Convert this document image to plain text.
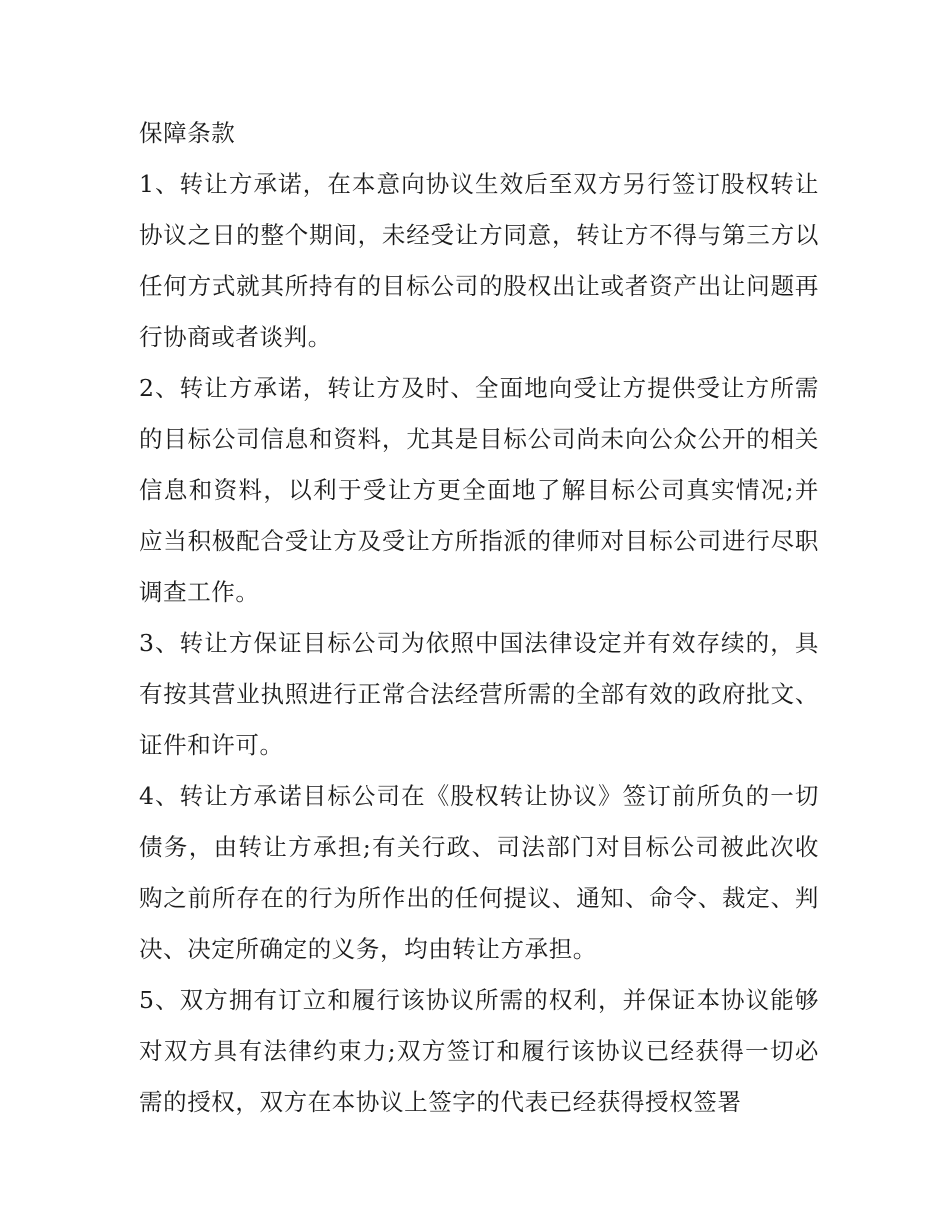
保障条款

1、转让方承诺，在本意向协议生效后至双方另行签订股权转让协议之日的整个期间，未经受让方同意，转让方不得与第三方以任何方式就其所持有的目标公司的股权出让或者资产出让问题再行协商或者谈判。

2、转让方承诺，转让方及时、全面地向受让方提供受让方所需的目标公司信息和资料，尤其是目标公司尚未向公众公开的相关信息和资料，以利于受让方更全面地了解目标公司真实情况;并应当积极配合受让方及受让方所指派的律师对目标公司进行尽职调查工作。

3、转让方保证目标公司为依照中国法律设定并有效存续的，具有按其营业执照进行正常合法经营所需的全部有效的政府批文、证件和许可。

4、转让方承诺目标公司在《股权转让协议》签订前所负的一切债务，由转让方承担;有关行政、司法部门对目标公司被此次收购之前所存在的行为所作出的任何提议、通知、命令、裁定、判决、决定所确定的义务，均由转让方承担。

5、双方拥有订立和履行该协议所需的权利，并保证本协议能够对双方具有法律约束力;双方签订和履行该协议已经获得一切必需的授权，双方在本协议上签字的代表已经获得授权签署
